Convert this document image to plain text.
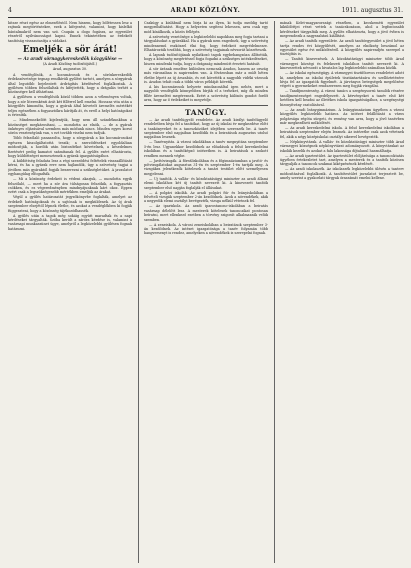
4	ARADI KÖZLÖNY.	1911. augusztus 31.

hitsze részt egész az elmeséléstől. Nem hiszem, hogy bőlétessen lesz a rajtunk megtörténtekre, ezek a kifejezést, valamint, hogy kislelkű bántalmakról nem van szó. Csupán a dogo fogásra, az egyesület részéről nyilvánosságot kapni. Ennek tekintetében az érdekelt tanítóság visszautasítja a vádakat.

Emeljék a sör árát!
— Az aradi sörnagykereskedők közgyűlése —
(A Aradi Közlöny tudósítójától.)
Arad, augusztus 30.

A vendéglősök, a kocsmárosok és a söröskereskedők érdekszövetsége tegnap rendkívüli gyűlést tartott, amelyen a sörgyárak által legutóbb bejelentett árdrágítás kérdésével foglalkoztak. A gyűlésen többen felszólaltak és kifejtették, hogy a drágulás terhét a közönségre kell áthárítani.

A gyűlésen a vendéglősök közül többen azon a véleményen voltak, hogy a sör literenkénti árát két fillérrel kell emelni. Hosszas vita után a közgyűlés kimondta, hogy a gyárak által követelt áremelés mértékét teljes egészében a fogyasztókra hárítják át, és erről a helyi hatóságokat is értesítik.

— Mindennekelőtt kijelentjük, hogy nem áll szándékunkban a közönséget megkárosítani, — mondotta az elnök, — de a gyárak önkényes eljárásával szemben más módunk nincs. Minden egyes korsó sörön veszteségünk van, s ezt tovább viselni nem tudjuk.

Több felszólaló panaszolta, hogy a sörgyárak a kis kocsmárosokat egészen kiszolgáltatottá teszik; a szerződéseket egyoldalúan módosítják, a hordók után biztosítékot követelnek, a késedelmes fizetésért pedig kamatot számítanak fel. A gyűlés ezért elhatározta, hogy küldöttséget menesztenek a gyárak igazgatóságához.

A küldöttség feladata lesz a régi szerződési feltételek visszaállítását kérni, és ha a gyárak erre nem hajlandók, úgy a szövetség tagjai a jövőben más gyáraktól fogják beszerezni a szükségletüket. A javaslatot egyhangúlag elfogadták.

— Mi a közönség érdekeit is védeni akarjuk, — mondotta egyik felszólaló, — mert ha a sör ára túlságosan felszökik, a fogyasztás csökken, és ez végeredményben mindnyájunknak kárt okoz. Éppen ezért csak a legszükségesebb mértékben emeljük az árakat.

Végül a gyűlés határozatát jegyzőkönyvbe foglalták, amelyet az érdekelt hatóságoknak és a sajtónak is megküldenek. Az új árak szeptember elsejétől lépnek életbe, és azokat a vendéglőkben ki fogják függeszteni, hogy a közönség tájékozódhassék.

A gyűlés után a tagok még sokáig együtt maradtak és a napi kérdéseket tárgyalták. Szóba került a záróra kérdése is, valamint a vasárnapi munkaszünet ügye, amelyről a legközelebbi gyűlésen fognak határozni.

Csakúgy a kislábnál nem birja ki az ilyen, ki tudja meddig tartó megpróbáltatást. Hogy a helyzeten segíteni lehessen, arra csak egy mód kínálkozik, a közös fellépés.

A szövetség vezetősége a legközelebbi napokban meg fogja tartani a tárgyalásokat a gyárakkal. Ha a gyárak nem engednek, úgy a szövetség mindennemű eszközzel élni fog, hogy érdekeit megvédelmezze. Elhatározták továbbá, hogy a szövetség tagjainak névsorát közzéteszik.

A lapunk tudósítójának nyilatkozó tagok egybehangzóan állították, hogy a közönség megértéssel fogja fogadni a szükséges intézkedéseket, hiszen mindenki tudja, hogy a drágaság mindenütt érezteti hatását.

A sör árának emelése különben nemcsak Aradon, hanem az ország más városaiban is napirenden van. A fővárosban már a múlt héten életbe lépett az új árszabás, és ezt követték a nagyobb vidéki városok is. Aradon tehát csak a többi város példáját követik.

A kis kocsmárosok helyzete mindazonáltal igen nehéz, mert a nagyobb vendéglők könnyebben bírják el a terheket, míg ők minden fillér áremelést megéreznek. Ezért a szövetség különös gondot fordít arra, hogy az ő érdekeiket is megvédje.

TANÜGY.

— Az aradi tanfelügyelő rendelete. Az aradi királyi tanfelügyelő rendeletben hívja fel a tanítókat, hogy az új iskolai év megkezdése előtt a tankönyveket és a taneszközöket idejében szerezzék be. A tanév szeptember első napjaiban kezdődik és a beiratások augusztus utolsó napjaiban lesznek.

— Tanévnyitás. A városi iskolákban a tanév megnyitása szeptember 5-én lesz. Ugyanekkor kezdődnek az előadások a felső kereskedelmi iskolában és a tanítóképző intézetben is. A beiratások a szokott rendben mennek végbe.

— Javítóvizsgák. A főreáliskolában és a főgimnáziumban a javító- és pótvizsgálatokat augusztus 31-én és szeptember 1-én tartják meg. A vizsgákra jelentkezők kötelesek a tanári testület előtt személyesen megjelenni.

— Uj tanítók. A vallás- és közoktatásügyi miniszter az aradi állami elemi iskolához két új tanítót nevezett ki. A kinevezett tanítók szeptember első napján foglalják el állásukat.

— A polgári iskolák. Az aradi polgári fiú- és leányiskolában a felvételi vizsgák szeptember 2-án kezdődnek. Azok a növendékek, akik a negyedik elemi osztályt bevégezték, vizsga nélkül vétetnek fel.

— Az ipariskola. Az aradi iparostanonc-iskolában a beiratás vasárnap délelőtt lesz. A mesterek kötelesek tanoncaikat pontosan beíratni, mert ellenkező esetben a törvény szigorát alkalmazzák velük szemben.

— A zeneiskola. A városi zeneiskolában a beiratások szeptember 3-án kezdődnek. Az intézet igazgatósága a tanév folyamán több hangversenyt is rendez, amelyeken a növendékek is szerepelni fognak.

mának Kelet-magyarországi részében, a kecskeméti egyesület kiküldöttjei részt vettek a tanácskozáson, ahol a legfontosabb kérdéseket tárgyalták meg. A gyűlés elhatározta, hogy a jövő évben is megrendezik a nagyszabású kiállítást.

— Az aradi tanítók egyesülete. Az aradi tanítóegyesület a jövő héten tartja rendes évi közgyűlését, amelyen az elnökség beszámol az egyesület egész évi működéséről. A közgyűlés napirendjén szerepel a tisztújítás is.

— Tanítói kinevezések. A közoktatásügyi miniszter több Arad vármegyei községi és felekezeti iskolához tanítót nevezett ki. A kinevezettek névsorát a hivatalos lap legközelebbi számában közlik.

— Az iskolai egészségügy. A vármegyei tisztifőorvos rendeletet adott ki, amelyben az iskolai épületek tisztántartására és szellőztetésére hívja fel az igazgatók figyelmét. A járványos betegségek megelőzése végett a gyermekeket rendszeresen meg fogják vizsgálni.

— Tandíjmentesség. A városi tanács a szegénysorsú tanulók részére tandíjmentességet engedélyezett. A kérvényeket a tanév első két hetében kell beadni az illetékes iskola igazgatóságához, a szegénységi bizonyítvány csatolásával.

— Az aradi leánygimnázium. A leánygimnázium ügyében a városi közgyűlés legközelebb határoz. Az intézet felállítását a város polgársága régóta sürgeti, és remény van arra, hogy a jövő tanévben már megkezdheti működését.

— Az aradi kereskedelmi iskola. A felső kereskedelmi iskolában a beiratások szeptember elején lesznek. Az intézetbe csak azok vétetnek fel, akik a négy középiskolai osztályt sikerrel bevégezték.

— Népkönyvtárak. A vallás- és közoktatásügyi miniszter több Arad vármegyei községnek népkönyvtárat adományozott. A könyvtárakat az iskolák kezelik és azokat a falu lakossága díjtalanul használhatja.

— Az aradi ipartestület. Az ipartestület elöljárósága a tanoncoktatás ügyében értekezletet tart, amelyen a mesterek és a tanítók közösen tárgyalják a tanoncok szakmai kiképzésének kérdését.

— Az aradi iskolaszék. Az iskolaszék legközelebbi ülésén a tanterv módosításával foglalkozik. A tanítótestület javaslatot terjesztett be, amely szerint a gyakorlati tárgyak óraszámát emelni kellene.
